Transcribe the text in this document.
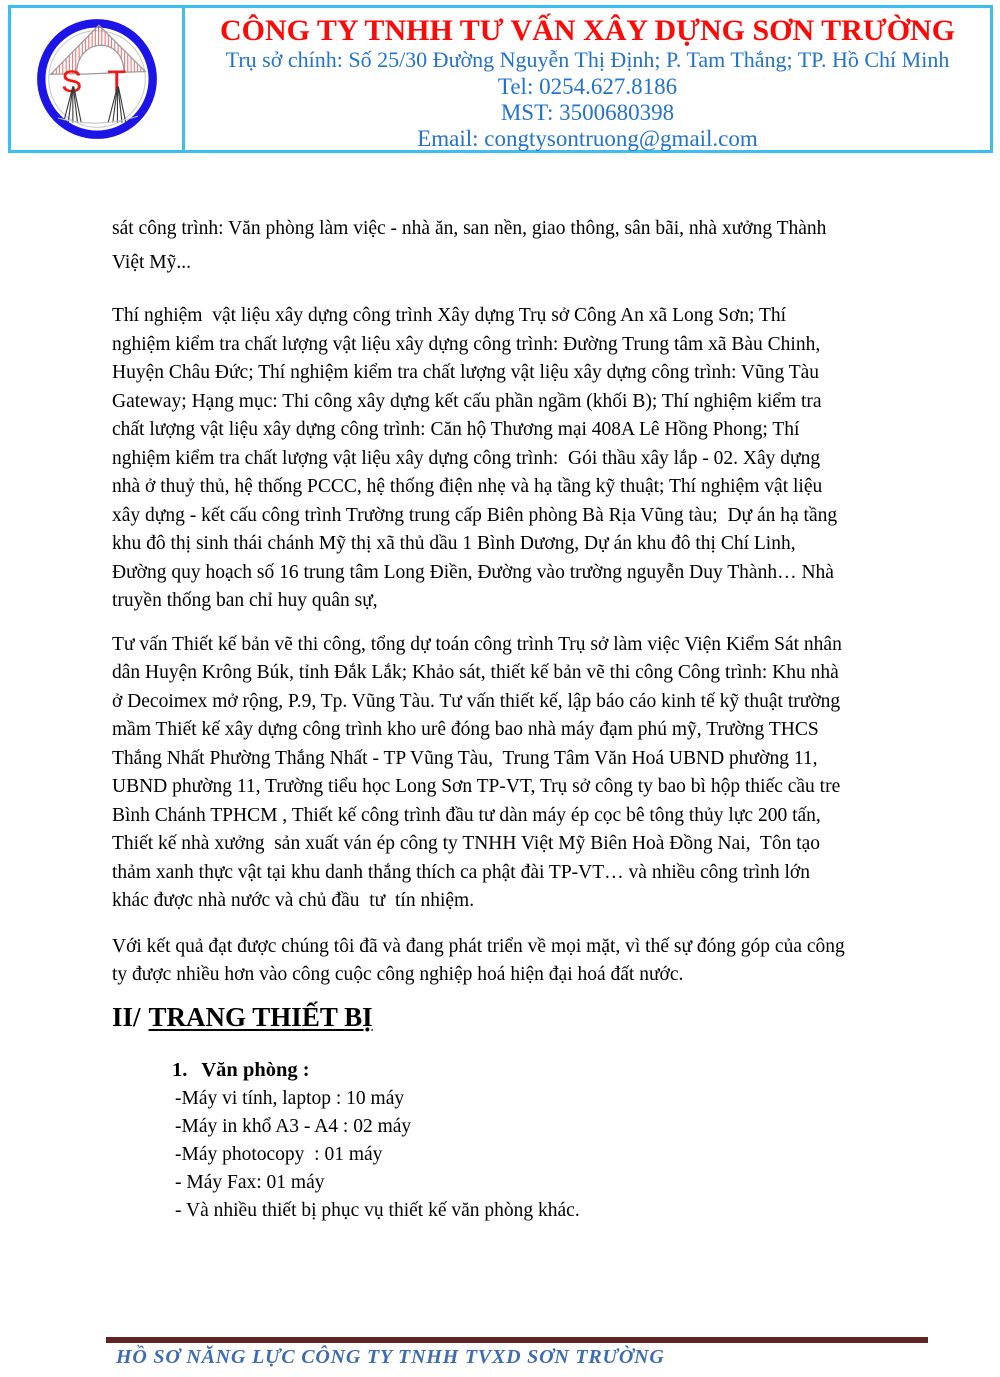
S T
CÔNG TY TNHH TƯ VẤN XÂY DỰNG SƠN TRƯỜNG
Trụ sở chính: Số 25/30 Đường Nguyễn Thị Định; P. Tam Thắng; TP. Hồ Chí Minh
Tel: 0254.627.8186
MST: 3500680398
Email: congtysontruong@gmail.com
sát công trình: Văn phòng làm việc - nhà ăn, san nền, giao thông, sân bãi, nhà xưởng Thành
Việt Mỹ...
Thí nghiệm  vật liệu xây dựng công trình Xây dựng Trụ sở Công An xã Long Sơn; Thí
nghiệm kiểm tra chất lượng vật liệu xây dựng công trình: Đường Trung tâm xã Bàu Chinh,
Huyện Châu Đức; Thí nghiệm kiểm tra chất lượng vật liệu xây dựng công trình: Vũng Tàu
Gateway; Hạng mục: Thi công xây dựng kết cấu phần ngầm (khối B); Thí nghiệm kiểm tra
chất lượng vật liệu xây dựng công trình: Căn hộ Thương mại 408A Lê Hồng Phong; Thí
nghiệm kiểm tra chất lượng vật liệu xây dựng công trình:  Gói thầu xây lắp - 02. Xây dựng
nhà ở thuỷ thủ, hệ thống PCCC, hệ thống điện nhẹ và hạ tầng kỹ thuật; Thí nghiệm vật liệu
xây dựng - kết cấu công trình Trường trung cấp Biên phòng Bà Rịa Vũng tàu;  Dự án hạ tầng
khu đô thị sinh thái chánh Mỹ thị xã thủ dầu 1 Bình Dương, Dự án khu đô thị Chí Linh,
Đường quy hoạch số 16 trung tâm Long Điền, Đường vào trường nguyễn Duy Thành… Nhà
truyền thống ban chỉ huy quân sự,
Tư vấn Thiết kế bản vẽ thi công, tổng dự toán công trình Trụ sở làm việc Viện Kiểm Sát nhân
dân Huyện Krông Búk, tỉnh Đắk Lắk; Khảo sát, thiết kế bản vẽ thi công Công trình: Khu nhà
ở Decoimex mở rộng, P.9, Tp. Vũng Tàu. Tư vấn thiết kế, lập báo cáo kinh tế kỹ thuật trường
mầm Thiết kế xây dựng công trình kho urê đóng bao nhà máy đạm phú mỹ, Trường THCS
Thắng Nhất Phường Thắng Nhất - TP Vũng Tàu,  Trung Tâm Văn Hoá UBND phường 11,
UBND phường 11, Trường tiểu học Long Sơn TP-VT, Trụ sở công ty bao bì hộp thiếc cầu tre
Bình Chánh TPHCM , Thiết kế công trình đầu tư dàn máy ép cọc bê tông thủy lực 200 tấn,
Thiết kế nhà xưởng  sản xuất ván ép công ty TNHH Việt Mỹ Biên Hoà Đồng Nai,  Tôn tạo
thảm xanh thực vật tại khu danh thắng thích ca phật đài TP-VT… và nhiều công trình lớn
khác được nhà nước và chủ đầu  tư  tín nhiệm.
Với kết quả đạt được chúng tôi đã và đang phát triển về mọi mặt, vì thế sự đóng góp của công
ty được nhiều hơn vào công cuộc công nghiệp hoá hiện đại hoá đất nước.
II/ TRANG THIẾT BỊ
1. Văn phòng :
-Máy vi tính, laptop : 10 máy
-Máy in khổ A3 - A4 : 02 máy
-Máy photocopy  : 01 máy
- Máy Fax: 01 máy
- Và nhiều thiết bị phục vụ thiết kế văn phòng khác.
HỒ SƠ NĂNG LỰC CÔNG TY TNHH TVXD SƠN TRƯỜNG
